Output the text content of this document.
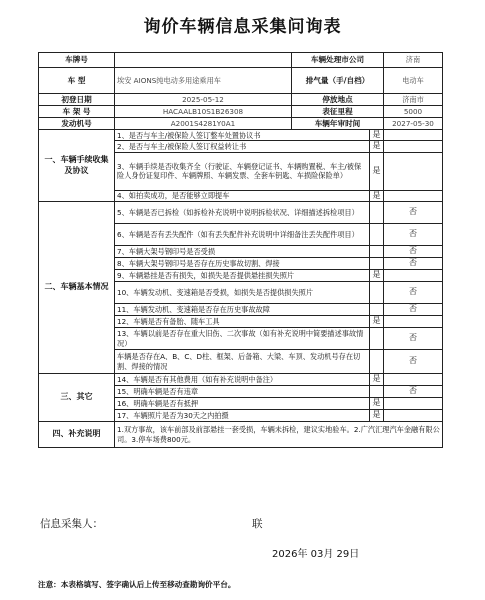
询价车辆信息采集问询表
车牌号		车辆处理市公司		济南
车 型	埃安 AIONS纯电动多用途乘用车	排气量（手/自档）		电动车
初登日期	2025-05-12	停放地点		济南市
车 架 号	HACAALB10S1B26308	表征里程		5000
发动机号	A2001S4281Y0A1	车辆年审时间		2027-05-30
一、车辆手续收集及协议	1、是否与车主/被保险人签订整车处置协议书		是	
	2、是否与车主/被保险人签订权益转让书		是	
	3、车辆手续是否收集齐全（行驶证、车辆登记证书、车辆购置税、车主/被保险人身份证复印件、车辆牌照、车辆发票、全套车钥匙、车损险保险单）		是	
	4、如拍卖成功，是否能够立即提车		是	
二、车辆基本情况	5、车辆是否已拆检（如拆检补充说明中说明拆检状况、详细描述拆检项目）			否
	6、车辆是否有丢失配件（如有丢失配件补充说明中详细备注丢失配件项目）			否
	7、车辆大架号钢印号是否受损			否
	8、车辆大架号钢印号是否存在历史事故切割、焊接			否
	9、车辆悬挂是否有损失，如损失是否提供悬挂损失照片		是	
	10、车辆发动机、变速箱是否受损，如损失是否提供损失照片			否
	11、车辆发动机、变速箱是否存在历史事故故障			否
	12、车辆是否有备胎、随车工具		是	
	13、车辆以前是否存在重大旧伤、二次事故（如有补充说明中简要描述事故情况）			否
	车辆是否存在A、B、C、D柱、框架、后备箱、大梁、车顶、发动机号存在切割、焊接的情况			否
三、其它	14、车辆是否有其他费用（如有补充说明中备注）		是	
	15、明确车辆是否有违章			否
	16、明确车辆是否有抵押		是	
	17、车辆照片是否为30天之内拍摄		是	
四、补充说明	1.双方事故，该车前部及前部悬挂一套受损，车辆未拆检，建议实地验车。2.广汽汇理汽车金融有限公司。3.停车场费800元。			
信息采集人：	联
2026年 03月 29日
注意：本表格填写、签字确认后上传至移动查勘询价平台。
